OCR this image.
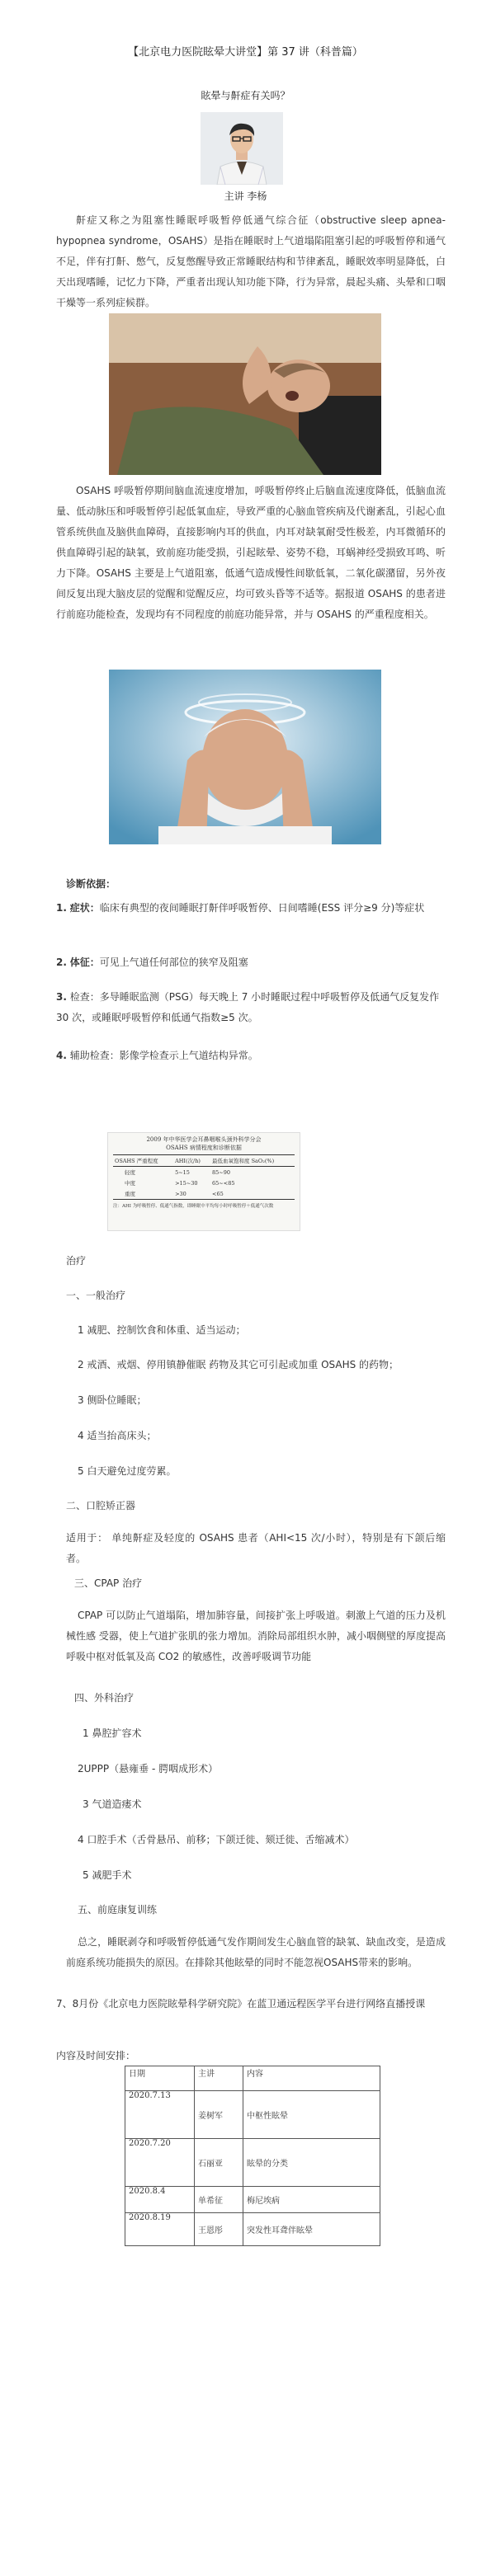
【北京电力医院眩晕大讲堂】第 37 讲（科普篇）
眩晕与鼾症有关吗？
主讲 李杨
鼾症又称之为阻塞性睡眠呼吸暂停低通气综合征（obstructive sleep apnea-hypopnea syndrome，OSAHS）是指在睡眠时上气道塌陷阻塞引起的呼吸暂停和通气不足，伴有打鼾、憋气，反复憋醒导致正常睡眠结构和节律紊乱，睡眠效率明显降低，白天出现嗜睡，记忆力下降，严重者出现认知功能下降，行为异常，晨起头痛、头晕和口咽干燥等一系列症候群。
OSAHS 呼吸暂停期间脑血流速度增加，呼吸暂停终止后脑血流速度降低，低脑血流量、低动脉压和呼吸暂停引起低氧血症，导致严重的心脑血管疾病及代谢紊乱，引起心血管系统供血及脑供血障碍，直接影响内耳的供血，内耳对缺氧耐受性极差，内耳微循环的供血障碍引起的缺氧，致前庭功能受损，引起眩晕、姿势不稳，耳蜗神经受损致耳鸣、听力下降。OSAHS 主要是上气道阻塞，低通气造成慢性间歇低氧，二氧化碳潴留，另外夜间反复出现大脑皮层的觉醒和觉醒反应，均可致头昏等不适等。据报道 OSAHS 的患者进行前庭功能检查，发现均有不同程度的前庭功能异常，并与 OSAHS 的严重程度相关。
诊断依据：
1. 症状：临床有典型的夜间睡眠打鼾伴呼吸暂停、日间嗜睡(ESS 评分≥9 分)等症状
2. 体征：可见上气道任何部位的狭窄及阻塞
3. 检查：多导睡眠监测（PSG）每天晚上 7 小时睡眠过程中呼吸暂停及低通气反复发作 30 次，或睡眠呼吸暂停和低通气指数≥5 次。
4. 辅助检查：影像学检查示上气道结构异常。
2009 年中华医学会耳鼻咽喉头颈外科学分会
OSAHS 病情程度和诊断依据
OSAHS 严重程度	AHI(次/h)	最低血氧饱和度 SaO₂(%)
轻度	5~15	85~90
中度	>15~30	65~<85
重度	>30	<65
注：AHI 为呼吸暂停、低通气指数，即睡眠中平均每小时呼吸暂停＋低通气次数
治疗
一、一般治疗
1 减肥、控制饮食和体重、适当运动；
2 戒酒、戒烟、停用镇静催眠 药物及其它可引起或加重 OSAHS 的药物；
3 侧卧位睡眠；
4 适当抬高床头；
5 白天避免过度劳累。
二、口腔矫正器
适用于： 单纯鼾症及轻度的 OSAHS 患者（AHI<15 次/小时），特别是有下颌后缩者。
三、CPAP 治疗
CPAP 可以防止气道塌陷，增加肺容量，间接扩张上呼吸道。刺激上气道的压力及机械性感 受器，使上气道扩张肌的张力增加。消除局部组织水肿，减小咽侧壁的厚度提高呼吸中枢对低氧及高 CO2 的敏感性，改善呼吸调节功能
四、外科治疗
1 鼻腔扩容术
2UPPP（悬雍垂 - 腭咽成形术）
3 气道造瘘术
4 口腔手术（舌骨悬吊、前移；下颌迁徙、颏迁徙、舌缩减术）
5 减肥手术
五、前庭康复训练
总之，睡眠剥夺和呼吸暂停低通气发作期间发生心脑血管的缺氧、缺血改变，是造成前庭系统功能损失的原因。在排除其他眩晕的同时不能忽视OSAHS带来的影响。
7、8月份《北京电力医院眩晕科学研究院》在蓝卫通远程医学平台进行网络直播授课
内容及时间安排：
日期	主讲	内容
2020.7.13	姜树军	中枢性眩晕
2020.7.20	石丽亚	眩晕的分类
2020.8.4	单希征	梅尼埃病
2020.8.19	王恩彤	突发性耳聋伴眩晕
